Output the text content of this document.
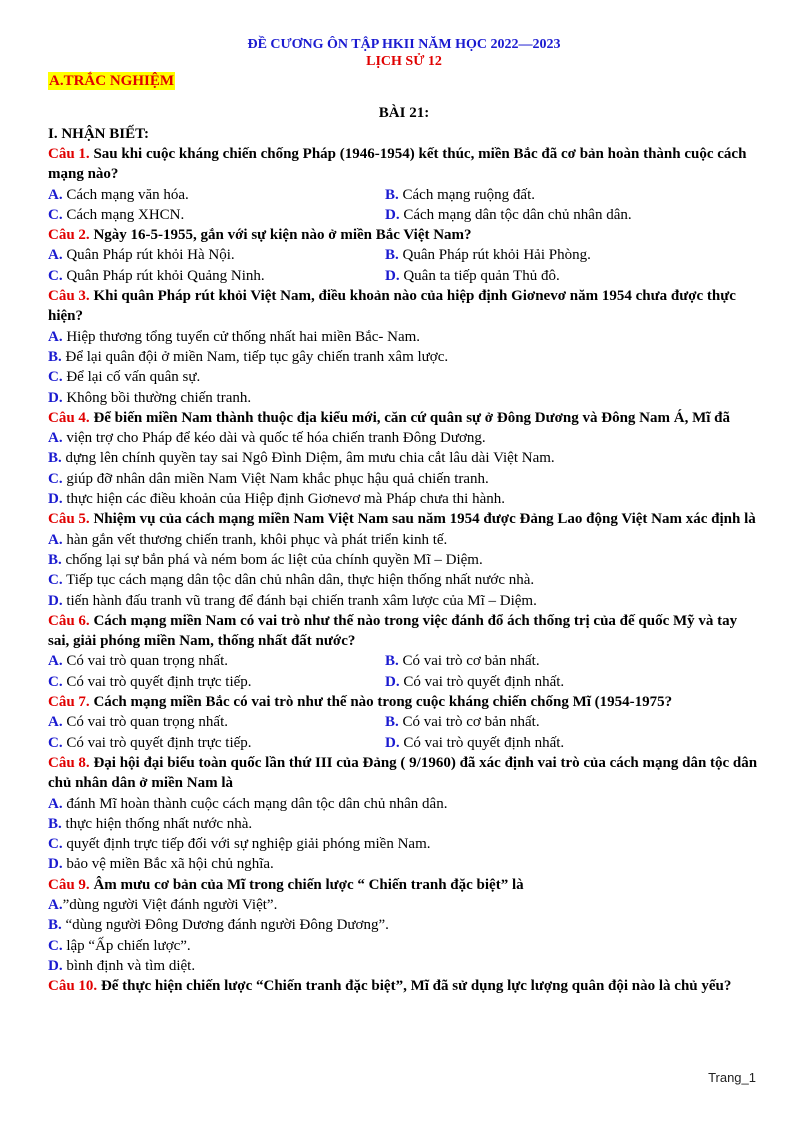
ĐỀ CƯƠNG ÔN TẬP HKII NĂM HỌC 2022—2023
LỊCH SỬ 12
A.TRẮC NGHIỆM
BÀI 21:
I. NHẬN BIẾT:
Câu 1. Sau khi cuộc kháng chiến chống Pháp (1946-1954) kết thúc, miền Bắc đã cơ bản hoàn thành cuộc cách mạng nào?
A. Cách mạng văn hóa.	B. Cách mạng ruộng đất.
C. Cách mạng XHCN.	D. Cách mạng dân tộc dân chủ nhân dân.
Câu 2. Ngày 16-5-1955, gắn với sự kiện nào ở miền Bắc Việt Nam?
A. Quân Pháp rút khỏi Hà Nội.	B. Quân Pháp rút khỏi Hải Phòng.
C. Quân Pháp rút khỏi Quảng Ninh.	D. Quân ta tiếp quản Thủ đô.
Câu 3. Khi quân Pháp rút khỏi Việt Nam, điều khoản nào của hiệp định Giơnevơ năm 1954 chưa được thực hiện?
A. Hiệp thương tổng tuyển cử thống nhất hai miền Bắc- Nam.
B. Để lại quân đội ở miền Nam, tiếp tục gây chiến tranh xâm lược.
C. Để lại cố vấn quân sự.
D. Không bồi thường chiến tranh.
Câu 4. Để biến miền Nam thành thuộc địa kiểu mới, căn cứ quân sự ở Đông Dương và Đông Nam Á, Mĩ đã
A. viện trợ cho Pháp để kéo dài và quốc tế hóa chiến tranh Đông Dương.
B. dựng lên chính quyền tay sai Ngô Đình Diệm, âm mưu chia cắt lâu dài Việt Nam.
C. giúp đỡ nhân dân miền Nam Việt Nam khắc phục hậu quả chiến tranh.
D. thực hiện các điều khoản của Hiệp định Giơnevơ mà Pháp chưa thi hành.
Câu 5. Nhiệm vụ của cách mạng miền Nam Việt Nam sau năm 1954 được Đảng Lao động Việt Nam xác định là
A. hàn gắn vết thương chiến tranh, khôi phục và phát triển kinh tế.
B. chống lại sự bắn phá và ném bom ác liệt của chính quyền Mĩ – Diệm.
C. Tiếp tục cách mạng dân tộc dân chủ nhân dân, thực hiện thống nhất nước nhà.
D. tiến hành đấu tranh vũ trang để đánh bại chiến tranh xâm lược của Mĩ – Diệm.
Câu 6. Cách mạng miền Nam có vai trò như thế nào trong việc đánh đổ ách thống trị của đế quốc Mỹ và tay sai, giải phóng miền Nam, thống nhất đất nước?
A. Có vai trò quan trọng nhất.	B. Có vai trò cơ bản nhất.
C. Có vai trò quyết định trực tiếp.	D. Có vai trò quyết định nhất.
Câu 7. Cách mạng miền Bắc có vai trò như thế nào trong cuộc kháng chiến chống Mĩ (1954-1975?
A. Có vai trò quan trọng nhất.	B. Có vai trò cơ bản nhất.
C. Có vai trò quyết định trực tiếp.	D. Có vai trò quyết định nhất.
Câu 8. Đại hội đại biểu toàn quốc lần thứ III của Đảng ( 9/1960) đã xác định vai trò của cách mạng dân tộc dân chủ nhân dân ở miền Nam là
A. đánh Mĩ hoàn thành cuộc cách mạng dân tộc dân chủ nhân dân.
B. thực hiện thống nhất nước nhà.
C. quyết định trực tiếp đối với sự nghiệp giải phóng miền Nam.
D. bảo vệ miền Bắc xã hội chủ nghĩa.
Câu 9. Âm mưu cơ bản của Mĩ trong chiến lược “ Chiến tranh đặc biệt” là
A.”dùng người Việt đánh người Việt”.
B. “dùng người Đông Dương đánh người Đông Dương”.
C. lập “Ấp chiến lược”.
D. bình định và tìm diệt.
Câu 10. Để thực hiện chiến lược “Chiến tranh đặc biệt”, Mĩ đã sử dụng lực lượng quân đội nào là chủ yếu?
Trang_1
